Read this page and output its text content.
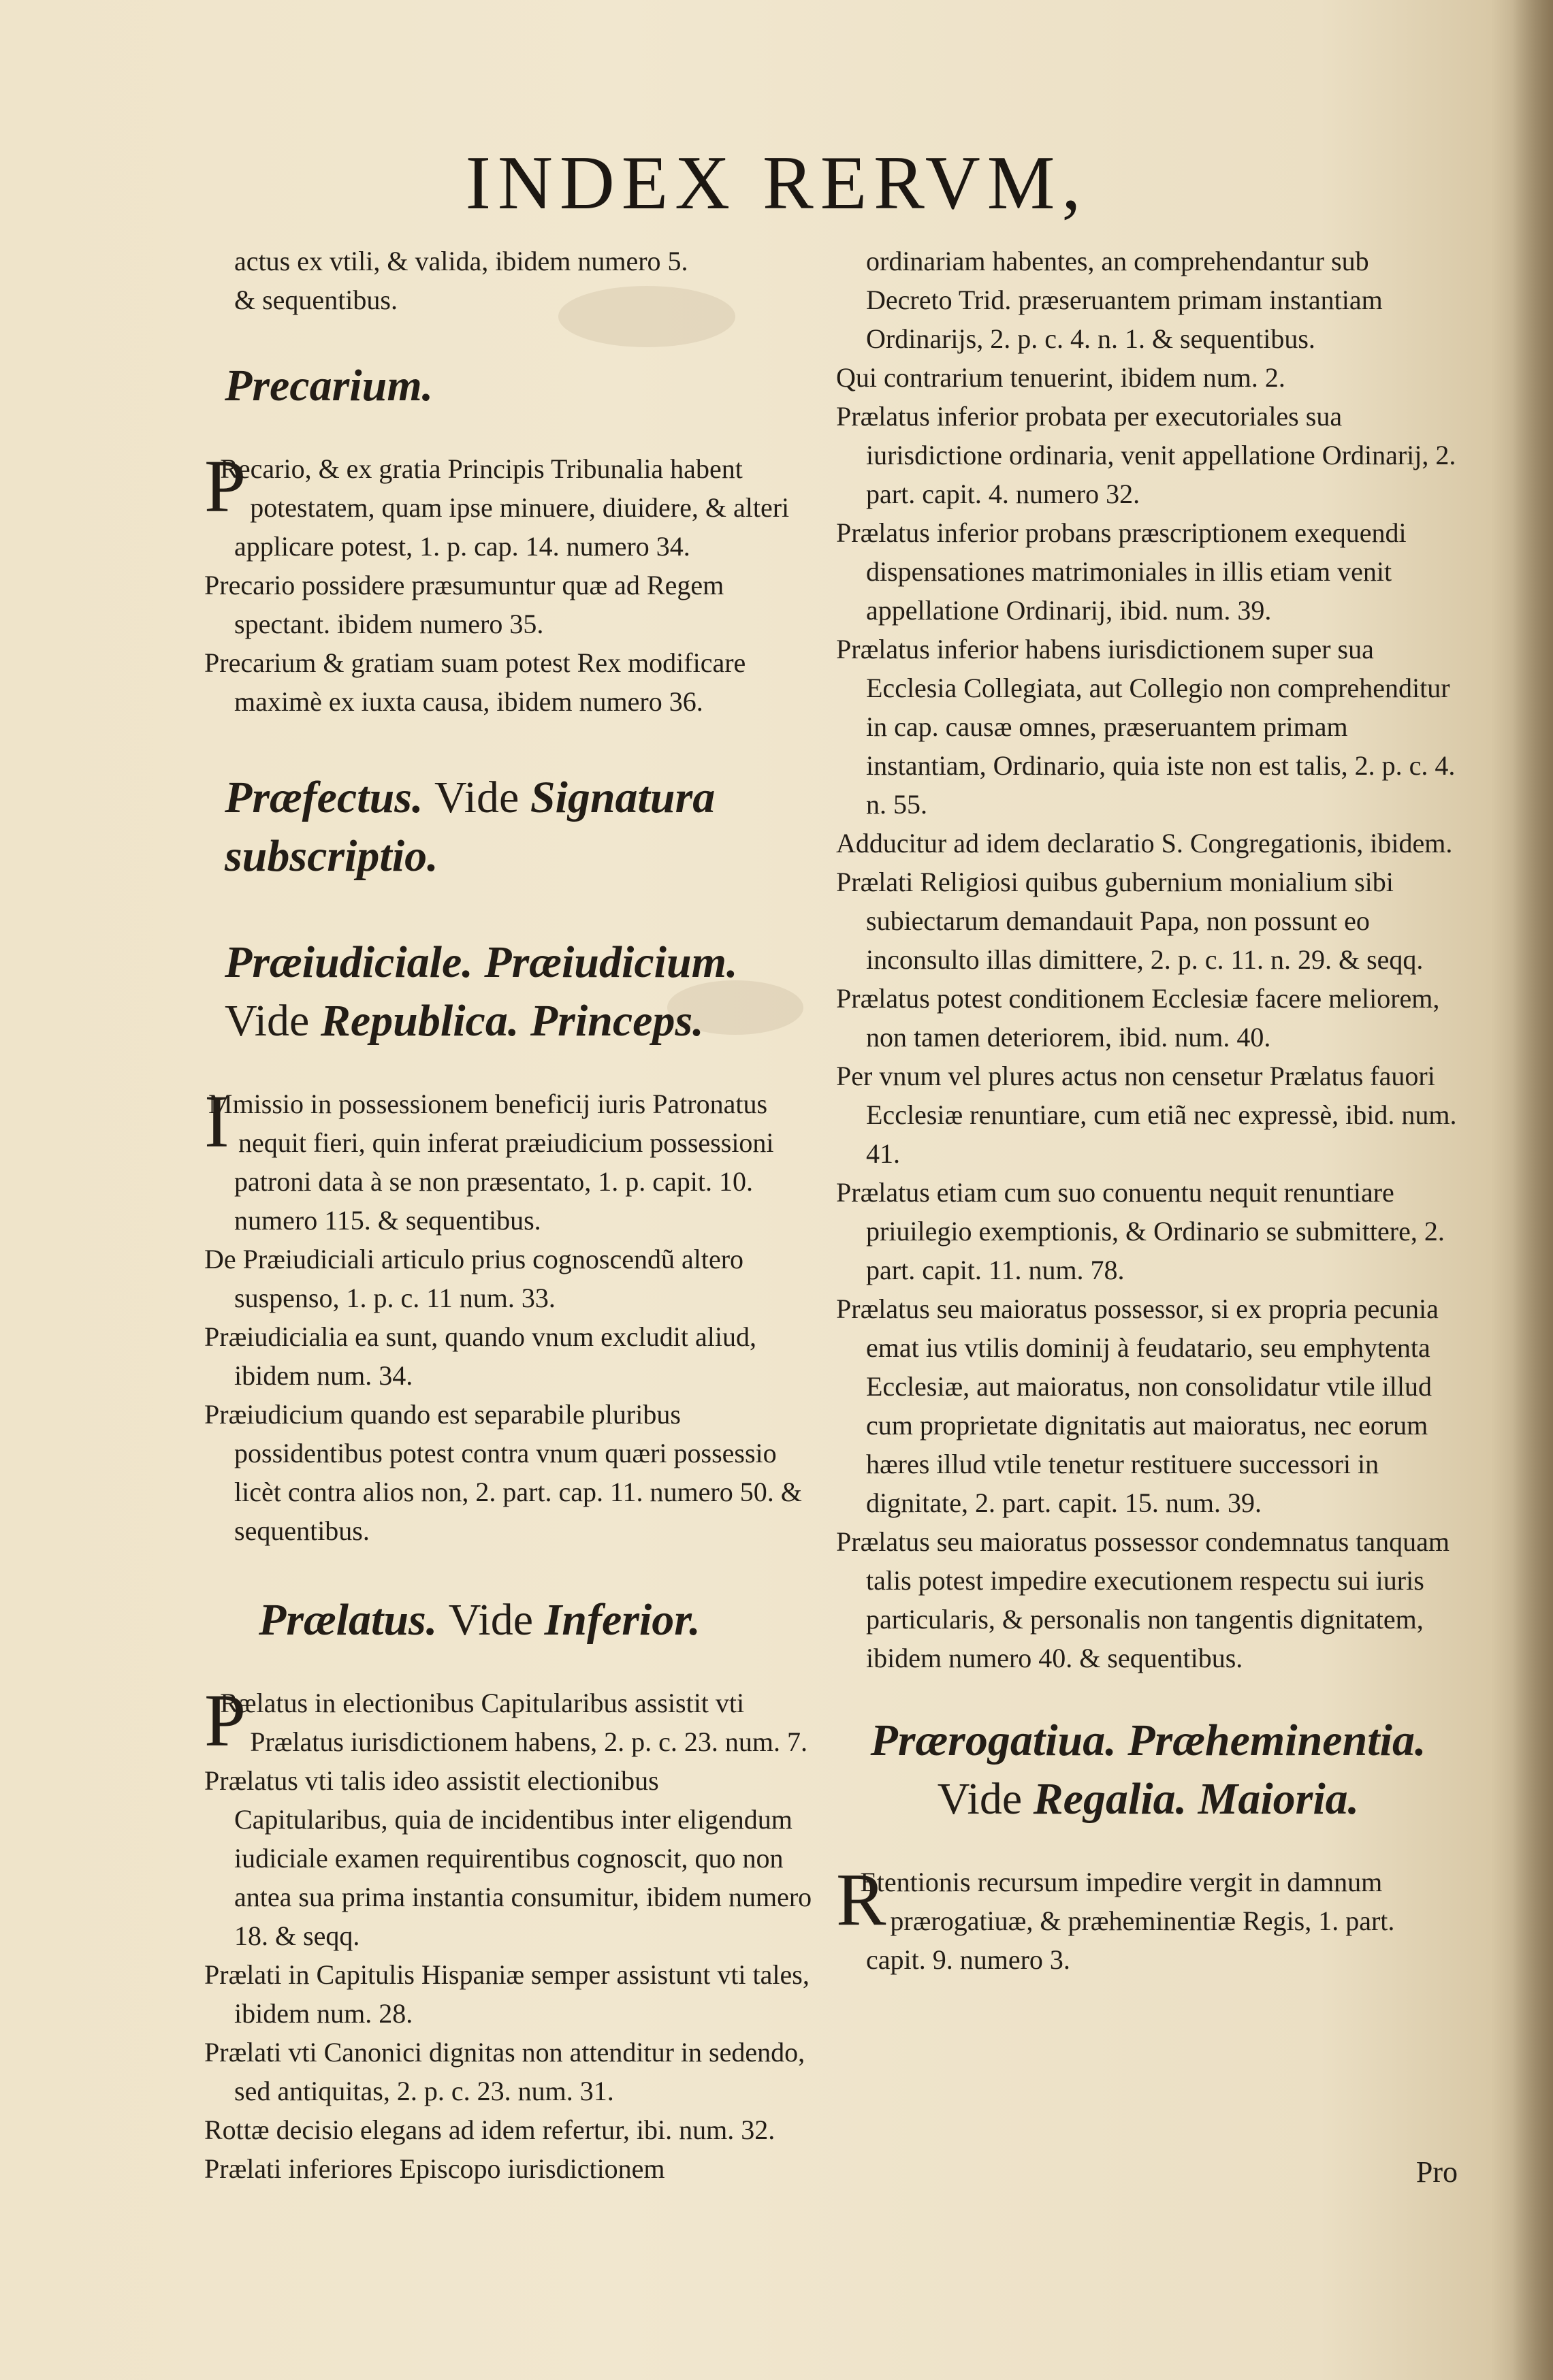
INDEX RERVM,

actus ex vtili, & valida, ibidem numero 5.

& sequentibus.

Precarium.

PRecario, & ex gratia Principis Tribunalia habent potestatem, quam ipse minuere, diuidere, & alteri applicare potest, 1. p. cap. 14. numero 34.

Precario possidere præsumuntur quæ ad Regem spectant. ibidem numero 35.

Precarium & gratiam suam potest Rex modificare maximè ex iuxta causa, ibidem numero 36.

Præfectus. Vide Signatura subscriptio.
Præiudiciale. Præiudicium. Vide Republica. Princeps.

IMmissio in possessionem beneficij iuris Patronatus nequit fieri, quin inferat præiudicium possessioni patroni data à se non præsentato, 1. p. capit. 10. numero 115. & sequentibus.

De Præiudiciali articulo prius cognoscendũ altero suspenso, 1. p. c. 11 num. 33.

Præiudicialia ea sunt, quando vnum excludit aliud, ibidem num. 34.

Præiudicium quando est separabile pluribus possidentibus potest contra vnum quæri possessio licèt contra alios non, 2. part. cap. 11. numero 50. & sequentibus.

Prælatus. Vide Inferior.

PRælatus in electionibus Capitularibus assistit vti Prælatus iurisdictionem habens, 2. p. c. 23. num. 7.

Prælatus vti talis ideo assistit electionibus Capitularibus, quia de incidentibus inter eligendum iudiciale examen requirentibus cognoscit, quo non antea sua prima instantia consumitur, ibidem numero 18. & seqq.

Prælati in Capitulis Hispaniæ semper assistunt vti tales, ibidem num. 28.

Prælati vti Canonici dignitas non attenditur in sedendo, sed antiquitas, 2. p. c. 23. num. 31.

Rottæ decisio elegans ad idem refertur, ibi. num. 32.

Prælati inferiores Episcopo iurisdictionem

ordinariam habentes, an comprehendantur sub Decreto Trid. præseruantem primam instantiam Ordinarijs, 2. p. c. 4. n. 1. & sequentibus.

Qui contrarium tenuerint, ibidem num. 2.

Prælatus inferior probata per executoriales sua iurisdictione ordinaria, venit appellatione Ordinarij, 2. part. capit. 4. numero 32.

Prælatus inferior probans præscriptionem exequendi dispensationes matrimoniales in illis etiam venit appellatione Ordinarij, ibid. num. 39.

Prælatus inferior habens iurisdictionem super sua Ecclesia Collegiata, aut Collegio non comprehenditur in cap. causæ omnes, præseruantem primam instantiam, Ordinario, quia iste non est talis, 2. p. c. 4. n. 55.

Adducitur ad idem declaratio S. Congregationis, ibidem.

Prælati Religiosi quibus gubernium monialium sibi subiectarum demandauit Papa, non possunt eo inconsulto illas dimittere, 2. p. c. 11. n. 29. & seqq.

Prælatus potest conditionem Ecclesiæ facere meliorem, non tamen deteriorem, ibid. num. 40.

Per vnum vel plures actus non censetur Prælatus fauori Ecclesiæ renuntiare, cum etiã nec expressè, ibid. num. 41.

Prælatus etiam cum suo conuentu nequit renuntiare priuilegio exemptionis, & Ordinario se submittere, 2. part. capit. 11. num. 78.

Prælatus seu maioratus possessor, si ex propria pecunia emat ius vtilis dominij à feudatario, seu emphytenta Ecclesiæ, aut maioratus, non consolidatur vtile illud cum proprietate dignitatis aut maioratus, nec eorum hæres illud vtile tenetur restituere successori in dignitate, 2. part. capit. 15. num. 39.

Prælatus seu maioratus possessor condemnatus tanquam talis potest impedire executionem respectu sui iuris particularis, & personalis non tangentis dignitatem, ibidem numero 40. & sequentibus.

Prærogatiua. Præheminentia.
Vide Regalia. Maioria.

REtentionis recursum impedire vergit in damnum prærogatiuæ, & præheminentiæ Regis, 1. part. capit. 9. numero 3.

Pro
